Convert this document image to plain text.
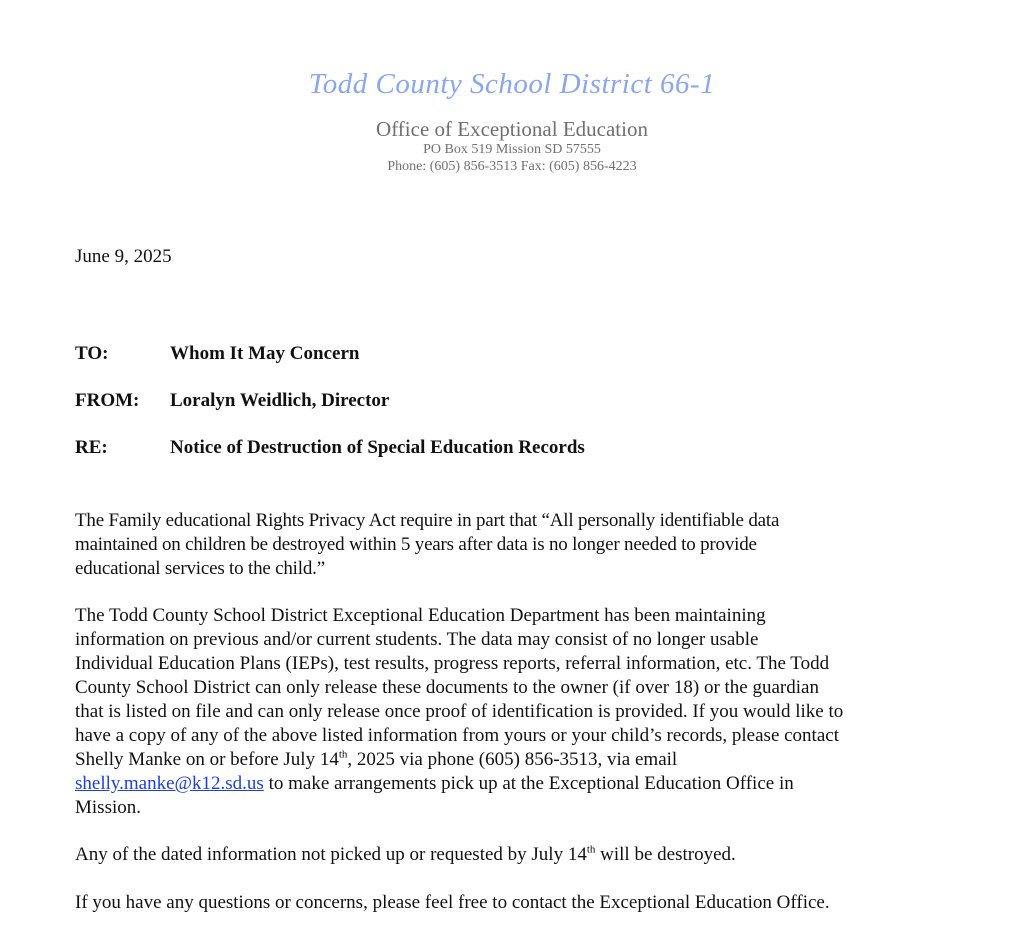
Todd County School District 66-1
Office of Exceptional Education
PO Box 519 Mission SD 57555
Phone: (605) 856-3513 Fax: (605) 856-4223
June 9, 2025
TO:	Whom It May Concern
FROM:	Loralyn Weidlich, Director
RE:	Notice of Destruction of Special Education Records
The Family educational Rights Privacy Act require in part that “All personally identifiable data
maintained on children be destroyed within 5 years after data is no longer needed to provide
educational services to the child.”
The Todd County School District Exceptional Education Department has been maintaining
information on previous and/or current students. The data may consist of no longer usable
Individual Education Plans (IEPs), test results, progress reports, referral information, etc. The Todd
County School District can only release these documents to the owner (if over 18) or the guardian
that is listed on file and can only release once proof of identification is provided. If you would like to
have a copy of any of the above listed information from yours or your child’s records, please contact
Shelly Manke on or before July 14th, 2025 via phone (605) 856-3513, via email
shelly.manke@k12.sd.us to make arrangements pick up at the Exceptional Education Office in
Mission.
Any of the dated information not picked up or requested by July 14th will be destroyed.
If you have any questions or concerns, please feel free to contact the Exceptional Education Office.
